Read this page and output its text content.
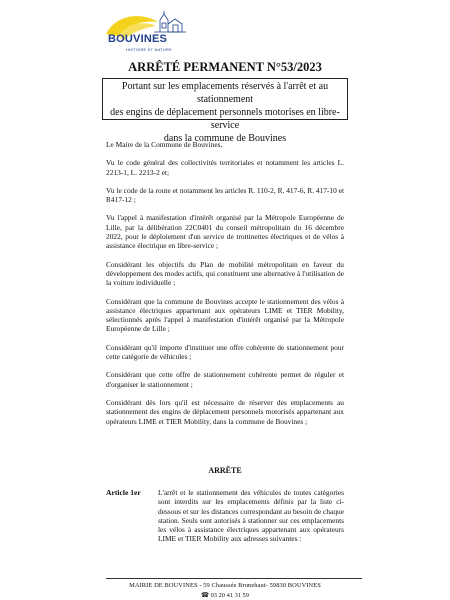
BOUVINES
HISTOIRE ET NATURE
ARRÊTÉ PERMANENT N°53/2023
Portant sur les emplacements réservés à l'arrêt et au stationnement
des engins de déplacement personnels motorises en libre-service
dans la commune de Bouvines

Le Maire de la Commune de Bouvines,

Vu le code général des collectivités territoriales et notamment les articles L. 2213-1, L. 2213-2 et;

Vu le code de la route et notamment les articles R. 110-2, R. 417-6, R. 417-10 et R417-12 ;

Vu l'appel à manifestation d'intérêt organisé par la Métropole Européenne de Lille, par la délibération 22C0401 du conseil métropolitain du 16 décembre 2022, pour le déploiement d'un service de trottinettes électriques et de vélos à assistance électrique en libre-service ;

Considérant les objectifs du Plan de mobilité métropolitain en faveur du développement des modes actifs, qui constituent une alternative à l'utilisation de la voiture individuelle ;

Considérant que la commune de Bouvines accepte le stationnement des vélos à assistance électriques appartenant aux opérateurs LIME et TIER Mobility, sélectionnés après l'appel à manifestation d'intérêt organisé par la Métropole Européenne de Lille ;

Considérant qu'il importe d'instituer une offre cohérente de stationnement pour cette catégorie de véhicules ;

Considérant que cette offre de stationnement cohérente permet de réguler et d'organiser le stationnement ;

Considérant dès lors qu'il est nécessaire de réserver des emplacements au stationnement des engins de déplacement personnels motorisés appartenant aux opérateurs LIME et TIER Mobility, dans la commune de Bouvines ;

ARRÊTE
Article 1er L'arrêt et le stationnement des véhicules de toutes catégories sont interdits sur les emplacements définis par la liste ci-dessous et sur les distances correspondant au besoin de chaque station. Seuls sont autorisés à stationner sur ces emplacements les vélos à assistance électriques appartenant aux opérateurs LIME et TIER Mobility aux adresses suivantes :
MAIRIE DE BOUVINES - 59 Chaussée Brunehaut- 59830 BOUVINES
☎ 03 20 41 31 59
